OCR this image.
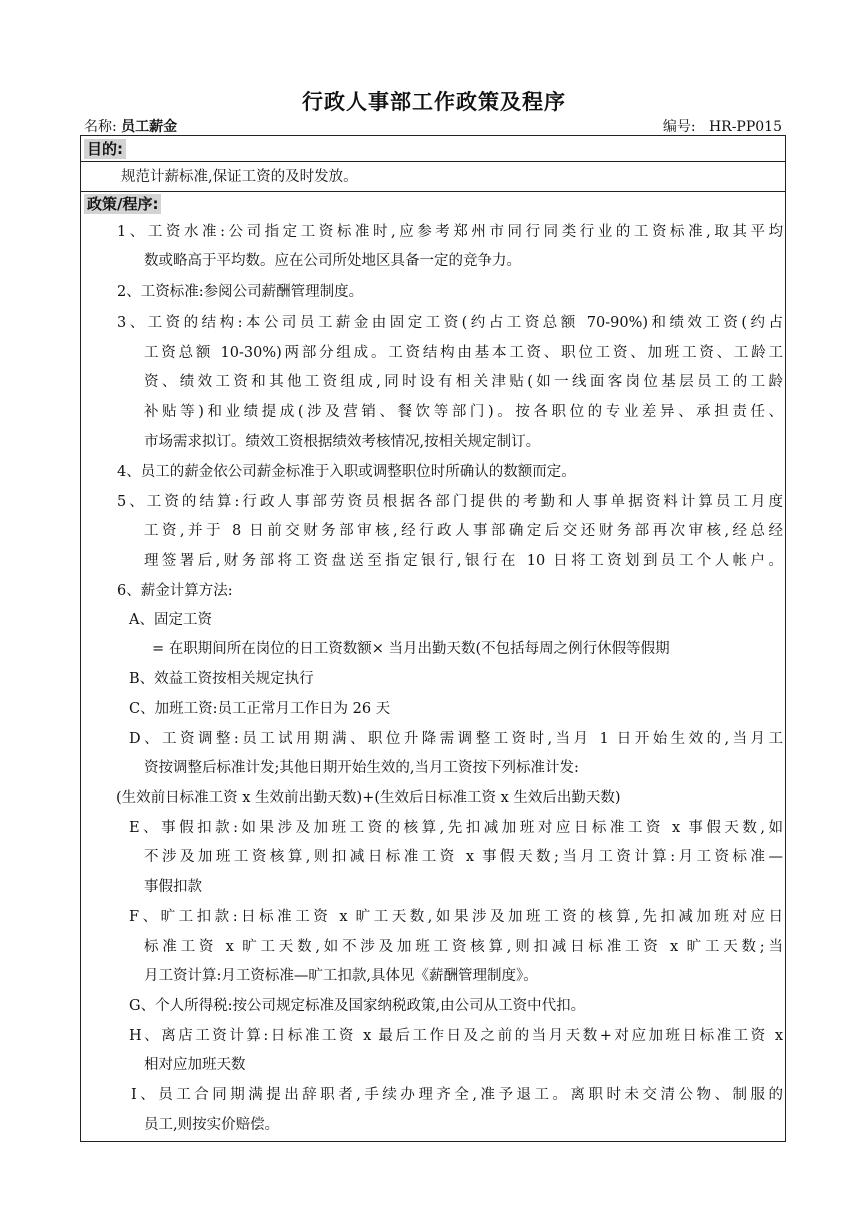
行政人事部工作政策及程序
名称: 员工薪金	编号: HR-PP015
目的:
规范计薪标准,保证工资的及时发放。
政策/程序:
1、工资水准:公司指定工资标准时,应参考郑州市同行同类行业的工资标准,取其平均
数或略高于平均数。应在公司所处地区具备一定的竞争力。
2、工资标准:参阅公司薪酬管理制度。
3、工资的结构:本公司员工薪金由固定工资(约占工资总额 70-90%)和绩效工资(约占
工资总额 10-30%)两部分组成。工资结构由基本工资、职位工资、加班工资、工龄工
资、绩效工资和其他工资组成,同时设有相关津贴(如一线面客岗位基层员工的工龄
补贴等)和业绩提成(涉及营销、餐饮等部门)。按各职位的专业差异、承担责任、
市场需求拟订。绩效工资根据绩效考核情况,按相关规定制订。
4、员工的薪金依公司薪金标准于入职或调整职位时所确认的数额而定。
5、工资的结算:行政人事部劳资员根据各部门提供的考勤和人事单据资料计算员工月度
工资,并于 8 日前交财务部审核,经行政人事部确定后交还财务部再次审核,经总经
理签署后,财务部将工资盘送至指定银行,银行在 10 日将工资划到员工个人帐户。
6、薪金计算方法:
A、固定工资
= 在职期间所在岗位的日工资数额× 当月出勤天数(不包括每周之例行休假等假期
B、效益工资按相关规定执行
C、加班工资:员工正常月工作日为 26 天
D、工资调整:员工试用期满、职位升降需调整工资时,当月 1 日开始生效的,当月工
资按调整后标准计发;其他日期开始生效的,当月工资按下列标准计发:
(生效前日标准工资 x 生效前出勤天数)+(生效后日标准工资 x 生效后出勤天数)
E、事假扣款:如果涉及加班工资的核算,先扣减加班对应日标准工资 x 事假天数,如
不涉及加班工资核算,则扣减日标准工资 x 事假天数;当月工资计算:月工资标准—
事假扣款
F、旷工扣款:日标准工资 x 旷工天数,如果涉及加班工资的核算,先扣减加班对应日
标准工资 x 旷工天数,如不涉及加班工资核算,则扣减日标准工资 x 旷工天数;当
月工资计算:月工资标准—旷工扣款,具体见《薪酬管理制度》。
G、个人所得税:按公司规定标准及国家纳税政策,由公司从工资中代扣。
H、离店工资计算:日标准工资 x 最后工作日及之前的当月天数+对应加班日标准工资 x
相对应加班天数
I、员工合同期满提出辞职者,手续办理齐全,准予退工。离职时未交清公物、制服的
员工,则按实价赔偿。
